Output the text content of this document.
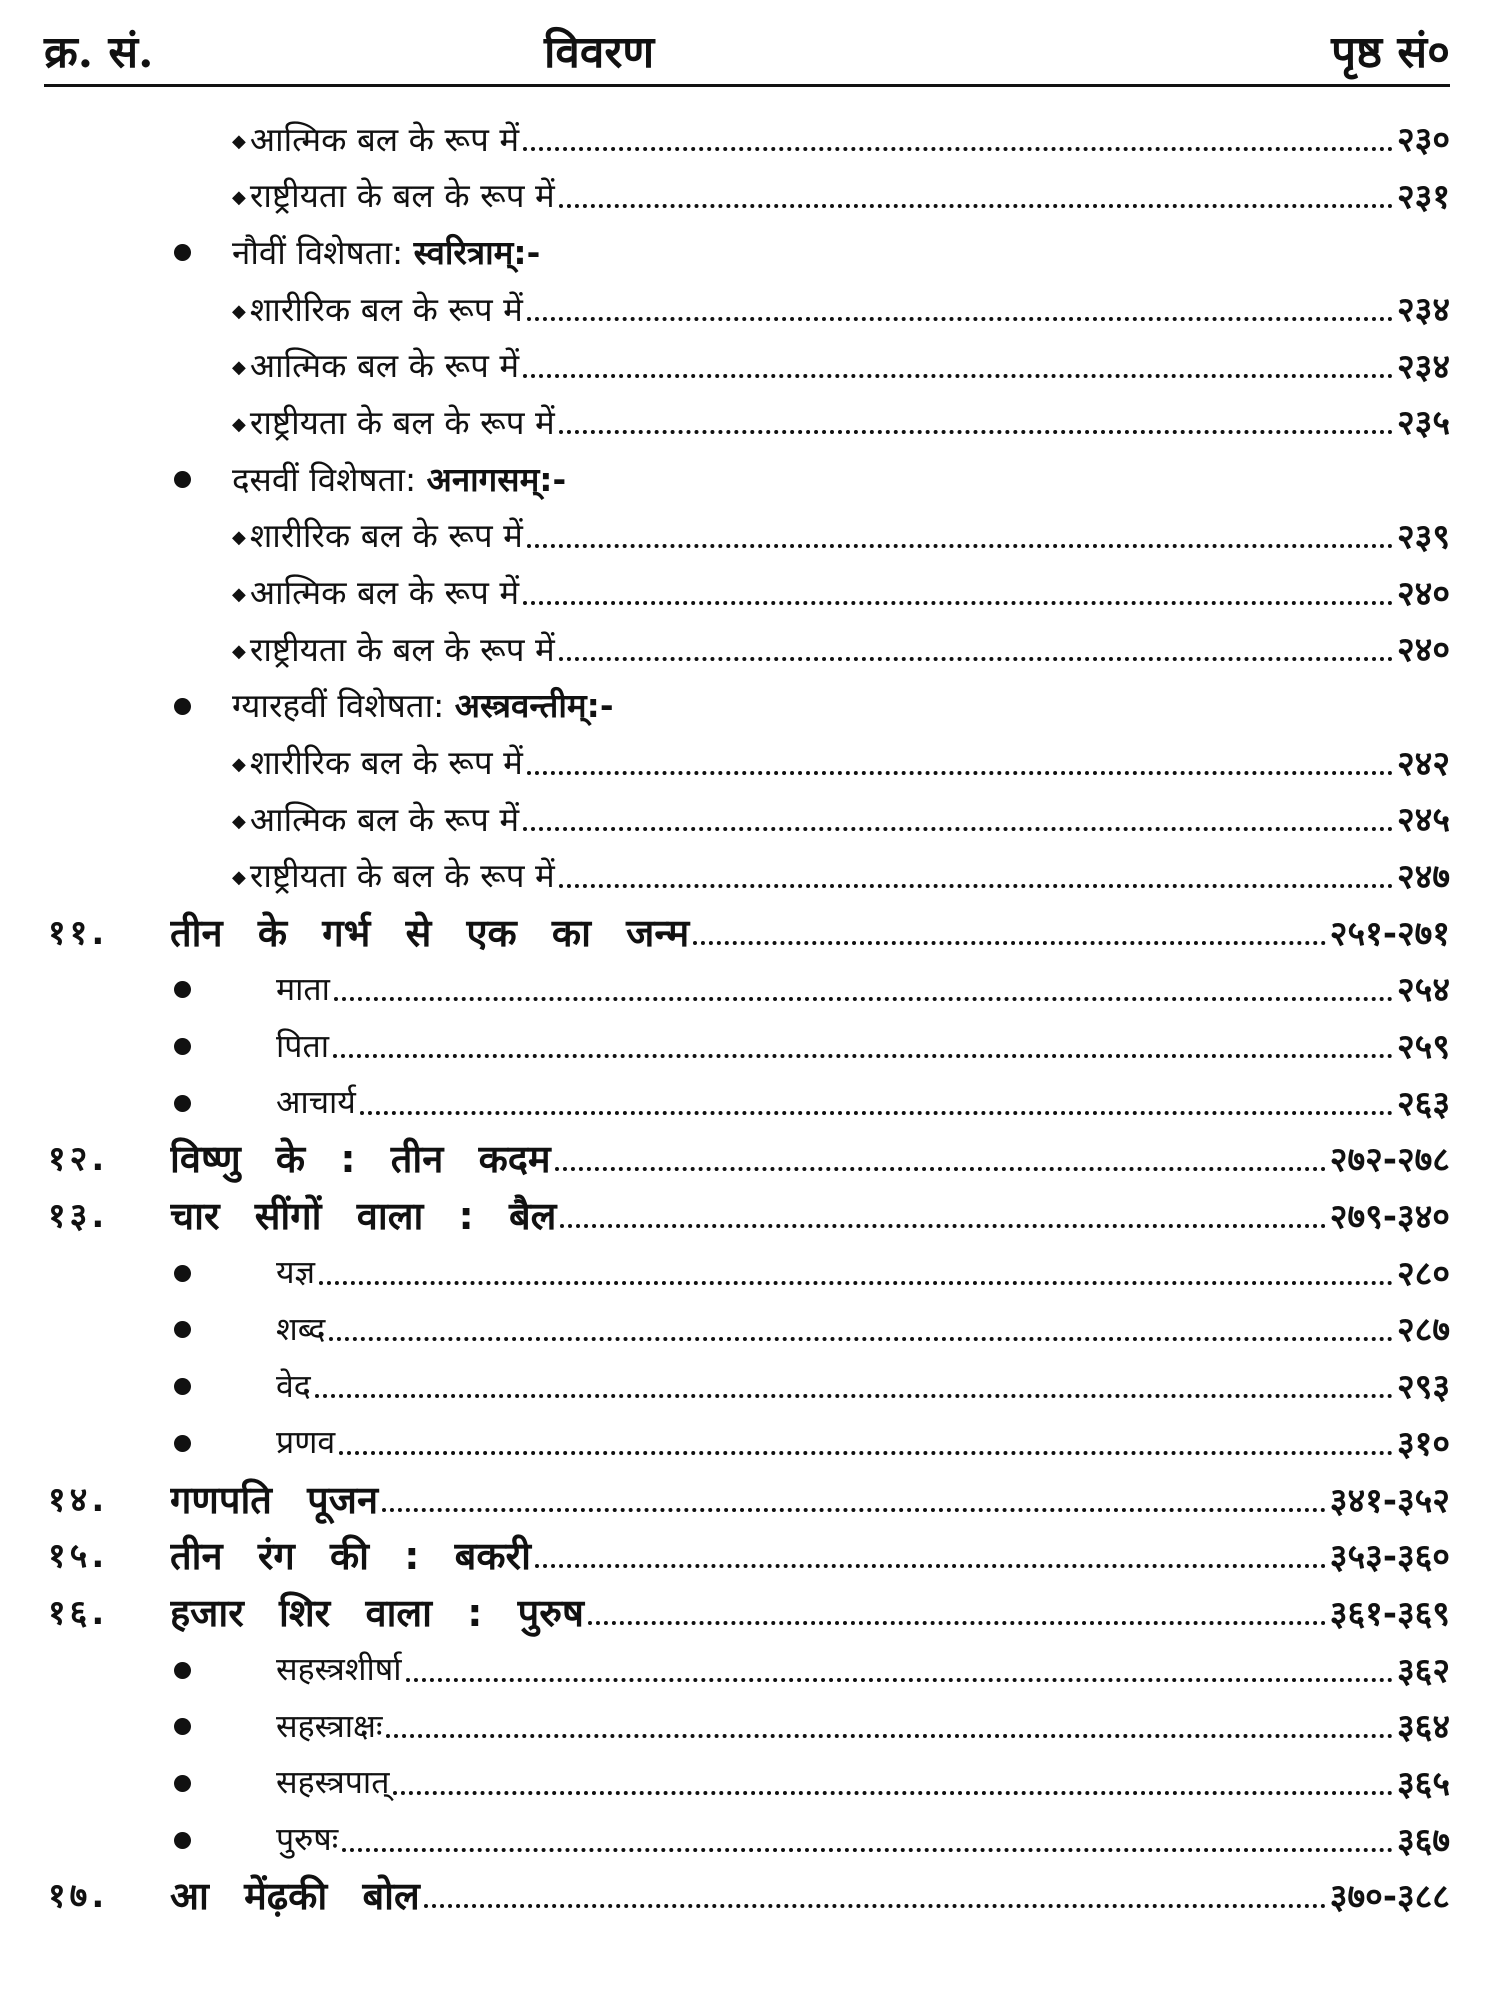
क्र. सं.	विवरण	पृष्ठ सं०
◆ आत्मिक बल के रूप में	२३०
◆ राष्ट्रीयता के बल के रूप में	२३१
नौवीं विशेषता: स्वरित्राम्:-
◆ शारीरिक बल के रूप में	२३४
◆ आत्मिक बल के रूप में	२३४
◆ राष्ट्रीयता के बल के रूप में	२३५
दसवीं विशेषता: अनागसम्:-
◆ शारीरिक बल के रूप में	२३९
◆ आत्मिक बल के रूप में	२४०
◆ राष्ट्रीयता के बल के रूप में	२४०
ग्यारहवीं विशेषता: अस्त्रवन्तीम्:-
◆ शारीरिक बल के रूप में	२४२
◆ आत्मिक बल के रूप में	२४५
◆ राष्ट्रीयता के बल के रूप में	२४७
११. तीन के गर्भ से एक का जन्म	२५१-२७१
माता	२५४
पिता	२५९
आचार्य	२६३
१२. विष्णु के : तीन कदम	२७२-२७८
१३. चार सींगों वाला : बैल	२७९-३४०
यज्ञ	२८०
शब्द	२८७
वेद	२९३
प्रणव	३१०
१४. गणपति पूजन	३४१-३५२
१५. तीन रंग की : बकरी	३५३-३६०
१६. हजार शिर वाला : पुरुष	३६१-३६९
सहस्त्रशीर्षा	३६२
सहस्त्राक्षः	३६४
सहस्त्रपात्	३६५
पुरुषः	३६७
१७. आ मेंढ़की बोल	३७०-३८८
